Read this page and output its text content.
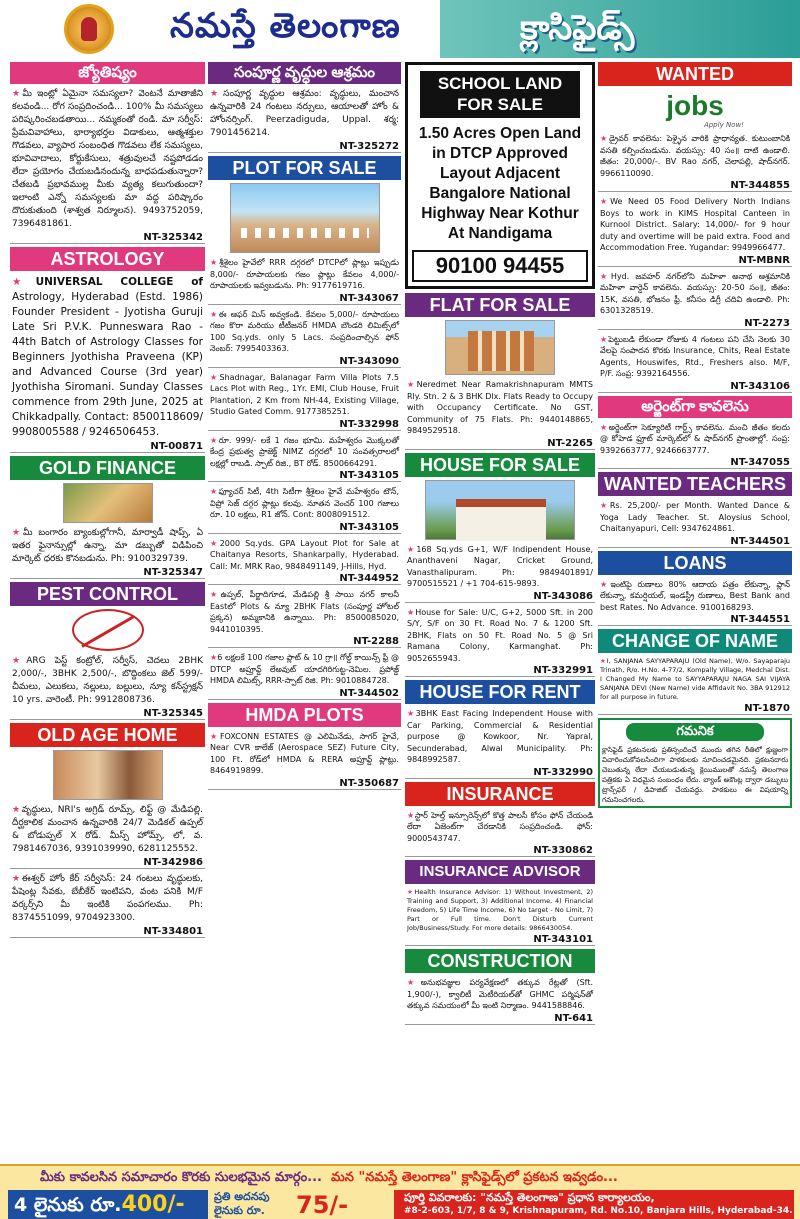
నమస్తే తెలంగాణ	క్లాసిఫైడ్స్
జ్యోతిష్యం
★మీ ఇంట్లో ఏమైనా సమస్యలా? వెంటనే మాతాజీని కలవండి... రోగ సంప్రదించండి... 100% మీ సమస్యలు పరిష్కరించబడతాయి... నమ్మకంతో రండి. మా సర్వీస్: ప్రేమవివాహాలు, భార్యాభర్తల విడాకులు, ఆత్మశక్తుల గొడవలు, వ్యాపార సంబంధిత గొడవలు లేక సమస్యలు, భూవివాదాలు, కోర్టుకేసులు, శత్రువులచే నష్టపోడడం లేదా ప్రయోగం చేయబడినందున్న బాధపడుతున్నారా? చేతబడి ప్రభావముల్ల మీకు వ్యత్య కలుగుతుందా? ఇలాంటి ఎన్నో సమస్యలకు మా వద్ద పరిష్కారం దొరుకుతుంది (శాశ్వత నిర్మూలన). 9493752059, 7396481861.
NT-325342
ASTROLOGY
★UNIVERSAL COLLEGE of Astrology, Hyderabad (Estd. 1986) Founder President - Jyotisha Guruji Late Sri P.V.K. Punneswara Rao - 44th Batch of Astrology Classes for Beginners Jyothisha Praveena (KP) and Advanced Course (3rd year) Jyothisha Siromani. Sunday Classes commence from 29th June, 2025 at Chikkadpally. Contact: 8500118609/ 9908005588 / 9246506453.
NT-00871
GOLD FINANCE
★మీ బంగారం బ్యాంకుల్లోగానీ, మార్వాడీ షాప్స్, ఏ ఇతర ఫైనాన్సుల్లో ఉన్నా, మా డబ్బుతో విడిపించి మార్కెట్ ధరకు కొనబడును. Ph: 9100329739.
NT-325347
PEST CONTROL
★ARG పెస్ట్ కంట్రోల్, సర్వీస్, చెదలు 2BHK 2,000/-, 3BHK 2,500/-, బొద్దింకలు జెల్ 599/- చీమలు, ఎలుకలు, నల్లులు, బల్లులు, న్యూ కన్‌స్ట్రక్షన్ 10 yrs. వారెంటీ. Ph: 9912808736.
NT-325345
OLD AGE HOME
★వృద్ధులు, NRI's అగ్రిడ్ రూమ్స్, లిఫ్ట్ @ మేడిపల్లి. దీర్ఘకాలిక మంచాన ఉన్నవారికి 24/7 మెడికల్ ఉప్పల్ & బోడుప్పల్ X రోడ్. మీస్స్ హోమ్స్, లో, వ. 7981467036, 9391039990, 6281125552.
NT-342986
★ఈశ్వర్ హోం కేర్ సర్వీసెస్: 24 గంటలు వృద్ధులకు, పేషెంట్ల సేవకు, బేబీకేర్ ఇంటిపని, వంట పనికి M/F వర్కర్స్‌ని మీ ఇంటికి పంపగలము. Ph: 8374551099, 9704923300.
NT-334801
సంపూర్ణ వృద్ధుల ఆశ్రమం
★సంపూర్ణ వృద్ధుల ఆశ్రమం: వృద్ధులు, మంచాన ఉన్నవారికి 24 గంటలు నర్సులు, ఆయాలతో హోం & హోంనర్సింగ్. Peerzadiguda, Uppal. శర్మ: 7901456214.
NT-325272
PLOT FOR SALE
★శ్రీశైలం హైవేలో RRR దగ్గరలో DTCPలో ప్లాట్లు ఇప్పుడు 8,000/- రూపాయలకు గజం ప్లాట్లు కేవలం 4,000/- రూపాయలకు ఇవ్వబడును. Ph: 9177619716.
NT-343067
★ఈ ఆఫర్ మిస్ అవ్వకండి. కేవలం 5,000/- రూపాయలు గజం కొరా మరియు టీటీజనర్ HMDA బౌండరి లిమిట్స్‌లో 100 Sq.yds. only 5 Lacs. సంప్రదించాల్సిన ఫోన్ నెంబర్: 7995403363.
NT-343090
★Shadnagar, Balanagar Farm Villa Plots 7.5 Lacs Plot with Reg., 1Yr. EMI, Club House, Fruit Plantation, 2 Km from NH-44, Existing Village, Studio Gated Comm. 9177385251.
NT-332998
★రూ. 999/- లకే 1 గజం భూమి. మహేశ్వరం మొక్కలతో కేంద్ర ప్రభుత్వ ప్రాజెక్ట్ NIMZ దగ్గరలో 10 సంవత్సరాలలో లక్షల్లో రాబడి. స్పాట్ రిజి., BT రోడ్. 8500664291.
NT-343105
★ఫ్యూచర్ సిటీ, 4th సిటీగా శ్రీశైలం హైవే మహేశ్వరం టౌన్, విప్రో సెజ్ దగ్గర ప్లాట్లు కలవు. నూతన వెంచర్ 100 గజాలు రూ. 10 లక్షలు, R1 జోన్. Cont: 8008091512.
NT-343105
★2000 Sq.yds. GPA Layout Plot for Sale at Chaitanya Resorts, Shankarpally, Hyderabad. Call: Mr. MRK Rao, 9848491149, J-Hills, Hyd.
NT-344952
★ఉప్పల్, పీర్జాదిగూడ, మేడిపల్లి శ్రీ సాయి నగర్ కాలనీ Eastలో Plots & న్యూ 2BHK Flats (సంపూర్ణ హోటల్ ప్రక్కన) అమ్మకానికి ఉన్నాయి. Ph: 8500085020, 9441010395.
NT-2288
★6 లక్షలకే 100 గజాల ప్లాట్ & 10 గ్రా॥ గోల్డ్ కాయిన్స్ ఫ్రీ @ DTCP అప్రూవ్డ్ లేఅవుట్ యాదగిరిగుట్ట-నెమిల. ప్రపోజ్డ్ HMDA లిమిట్స్, RRR-స్పాట్ రిజి. Ph: 9010884728.
NT-344502
HMDA PLOTS
★FOXCONN ESTATES @ ఎలిమినేడు, సాగర్ హైవే, Near CVR కాలేజ్ (Aerospace SEZ) Future City, 100 Ft. రోడ్‌లో HMDA & RERA అప్రూవ్డ్ ప్లాట్లు. 8464919899.
NT-350687
SCHOOL LAND FOR SALE
1.50 Acres Open Land in DTCP Approved Layout Adjacent Bangalore National Highway Near Kothur At Nandigama
90100 94455
FLAT FOR SALE
★Neredmet Near Ramakrishnapuram MMTS Rly. Stn. 2 & 3 BHK Dlx. Flats Ready to Occupy with Occupancy Certificate. No GST, Community of 75 Flats. Ph: 9440148865, 9849529518.
NT-2265
HOUSE FOR SALE
★168 Sq.yds G+1, W/F Indipendent House, Ananthaveni Nagar, Cricket Ground, Vanasthalipuram. Ph: 9849401891/ 9700515521 / +1 704-615-9893.
NT-343086
★House for Sale: U/C, G+2, 5000 Sft. in 200 S/Y, S/F on 30 Ft. Road No. 7 & 1200 Sft. 2BHK, Flats on 50 Ft. Road No. 5 @ Sri Ramana Colony, Karmanghat. Ph: 9052655943.
NT-332991
HOUSE FOR RENT
★3BHK East Facing Independent House with Car Parking, Commercial & Residential purpose @ Kowkoor, Nr. Yapral, Secunderabad, Alwal Municipality. Ph: 9848992587.
NT-332990
INSURANCE
★స్టార్ హెల్త్ ఇన్సూరెన్స్‌లో కొత్త పాలసీ కోసం ఫోన్ చేయండి లేదా ఏజెంట్‌గా చేరడానికి సంప్రదించండి. ఫోన్: 9000543747.
NT-330862
INSURANCE ADVISOR
★Health Insurance Advisor: 1) Without Investment, 2) Training and Support, 3) Additional Income, 4) Financial Freedom, 5) Life Time Income, 6) No target - No Limit, 7) Part or Full time. Don't Disturb Current Job/Business/Study. For more details: 9866430054.
NT-343101
CONSTRUCTION
★అనుభవజ్ఞుల పర్యవేక్షణలో తక్కువ రేట్లతో (Sft. 1,900/-), క్వాలిటీ మెటీరియల్‌తో GHMC పర్మిషన్‌తో తక్కువ సమయంలో మీ ఇంటి నిర్మాణం. 9441588846.
NT-641
WANTED
jobs
Apply Now!
★డ్రైవర్ కావలెను: పెళ్ళైన వారికి ప్రాధాన్యత. కుటుంబానికి వసతి కల్పించబడును. వయస్సు: 40 సం॥ దాటి ఉండాలి. జీతం: 20,000/-. BV Rao నగర్, చెలాపల్లి, షాద్‌నగర్. 9966110090.
NT-344855
★We Need 05 Food Delivery North Indians Boys to work in KIMS Hospital Canteen in Kurnool District. Salary: 14,000/- for 9 hour duty and overtime will be paid extra. Food and Accommodation Free. Yugandar: 9949966477.
NT-MBNR
★Hyd. జవహర్ నగర్‌లోని మహిళా అనాథ ఆశ్రమానికి మహిళా వార్డెన్ కావలెను. వయస్సు: 20-50 సం॥, జీతం: 15K, వసతి, భోజనం ఫ్రీ. కనీసం డిగ్రీ చదివి ఉండాలి. Ph: 6301328519.
NT-2273
★పెట్టుబడి లేకుండా రోజుకు 4 గంటలు పని చేసి నెలకు 30 వేలపై సంపాదన కొరకు Insurance, Chits, Real Estate Agents, Houswifes, Rtd., Freshers also. M/F, P/F. సంప్ర: 9392164556.
NT-343106
అర్జెంట్‌గా కావలెను
★అర్జెంట్‌గా సెక్యూరిటీ గార్డ్స్ కావలెను. మంచి జీతం కలదు @ కోహెడ ఫ్రూట్ మార్కెట్‌లో & షాద్‌నగర్ ప్రాంతాల్లో. సంప్ర: 9392663777, 9246663777.
NT-347055
WANTED TEACHERS
★Rs. 25,200/- per Month. Wanted Dance & Yoga Lady Teacher. St. Aloysius School, Chaitanyapuri, Cell: 9347624861.
NT-344501
LOANS
★ఇంటిపై రుణాలు 80% ఆదాయ పత్రం లేకున్నా, ప్లాన్ లేకున్నా, కమర్షియల్, ఇండస్ట్రీ రుణాలు, Best Bank and best Rates. No Advance. 9100168293.
NT-344551
CHANGE OF NAME
★I, SANJANA SAYYAPARAJU (Old Name), W/o. Sayaparaju Trinath, R/o. H.No. 4-77/2, Kompally Village, Medchal Dist. I Changed My Name to SAYYAPARAJU NAGA SAI VIJAYA SANJANA DEVI (New Name) vide Affidavit No. 3BA 912912 for all purpose in future.
NT-1870
గమనిక
క్లాసిఫైడ్ ప్రకటనలకు ప్రతిస్పందించే ముందు తగిన రీతిలో క్షుణ్ణంగా విచారించుకోవలసిందిగా పాఠకులకు సూచించడమైనది. ప్రకటనదారు చెబుతున్న లేదా చేయబడుతున్న క్లెయిములతో నమస్తే తెలంగాణ పత్రికకు ఏ విధమైన సంబంధం లేదు. బ్యాంక్ అకౌంట్ల ద్వారా డబ్బులు ట్రాన్స్‌ఫర్ / డిపాజిట్ చేయవద్దు. పాఠకులు ఈ విషయాన్ని గమనించగలరు.
మీకు కావలసిన సమాచారం కొరకు సులభమైన మార్గం... మన "నమస్తే తెలంగాణ" క్లాసిఫైడ్స్‌లో ప్రకటన ఇవ్వడం...
4 లైనుకు రూ.400/-	ప్రతి అదనపు
లైనుకు రూ. 75/-	పూర్తి వివరాలకు: "నమస్తే తెలంగాణ" ప్రధాన కార్యాలయం,
#8-2-603, 1/7, 8 & 9, Krishnapuram, Rd. No.10, Banjara Hills, Hyderabad-34.
